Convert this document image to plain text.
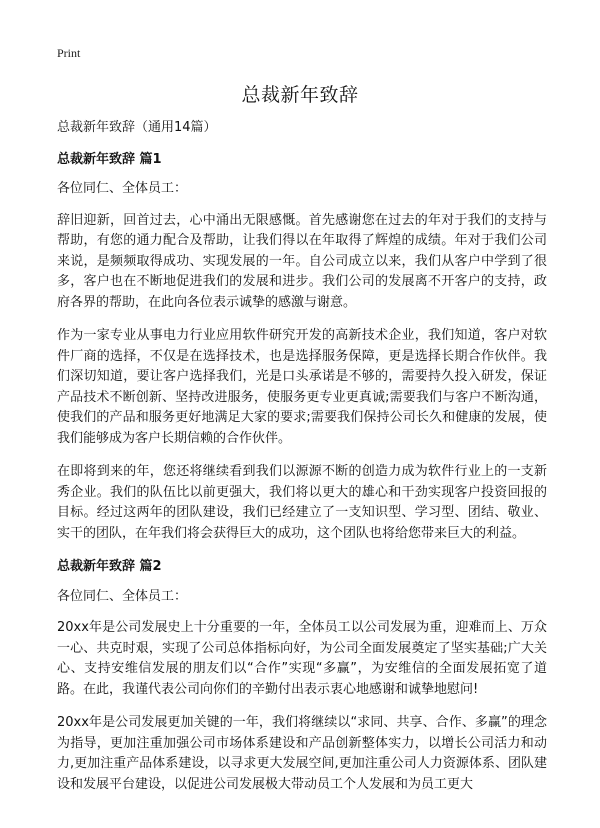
Print
总裁新年致辞

总裁新年致辞（通用14篇）

总裁新年致辞 篇1

各位同仁、全体员工：

辞旧迎新，回首过去，心中涌出无限感慨。首先感谢您在过去的年对于我们的支持与帮助，有您的通力配合及帮助，让我们得以在年取得了辉煌的成绩。年对于我们公司来说，是频频取得成功、实现发展的一年。自公司成立以来，我们从客户中学到了很多，客户也在不断地促进我们的发展和进步。我们公司的发展离不开客户的支持，政府各界的帮助，在此向各位表示诚挚的感激与谢意。

作为一家专业从事电力行业应用软件研究开发的高新技术企业，我们知道，客户对软件厂商的选择，不仅是在选择技术，也是选择服务保障，更是选择长期合作伙伴。我们深切知道，要让客户选择我们，光是口头承诺是不够的，需要持久投入研发，保证产品技术不断创新、坚持改进服务，使服务更专业更真诚;需要我们与客户不断沟通，使我们的产品和服务更好地满足大家的要求;需要我们保持公司长久和健康的发展，使我们能够成为客户长期信赖的合作伙伴。

在即将到来的年，您还将继续看到我们以源源不断的创造力成为软件行业上的一支新秀企业。我们的队伍比以前更强大，我们将以更大的雄心和干劲实现客户投资回报的目标。经过这两年的团队建设，我们已经建立了一支知识型、学习型、团结、敬业、实干的团队，在年我们将会获得巨大的成功，这个团队也将给您带来巨大的利益。

总裁新年致辞 篇2

各位同仁、全体员工：

20xx年是公司发展史上十分重要的一年，全体员工以公司发展为重，迎难而上、万众一心、共克时艰，实现了公司总体指标向好，为公司全面发展奠定了坚实基础;广大关心、支持安维信发展的朋友们以“合作”实现“多赢”，为安维信的全面发展拓宽了道路。在此，我谨代表公司向你们的辛勤付出表示衷心地感谢和诚挚地慰问!

20xx年是公司发展更加关键的一年，我们将继续以“求同、共享、合作、多赢”的理念为指导，更加注重加强公司市场体系建设和产品创新整体实力，以增长公司活力和动力,更加注重产品体系建设，以寻求更大发展空间,更加注重公司人力资源体系、团队建设和发展平台建设，以促进公司发展极大带动员工个人发展和为员工更大
